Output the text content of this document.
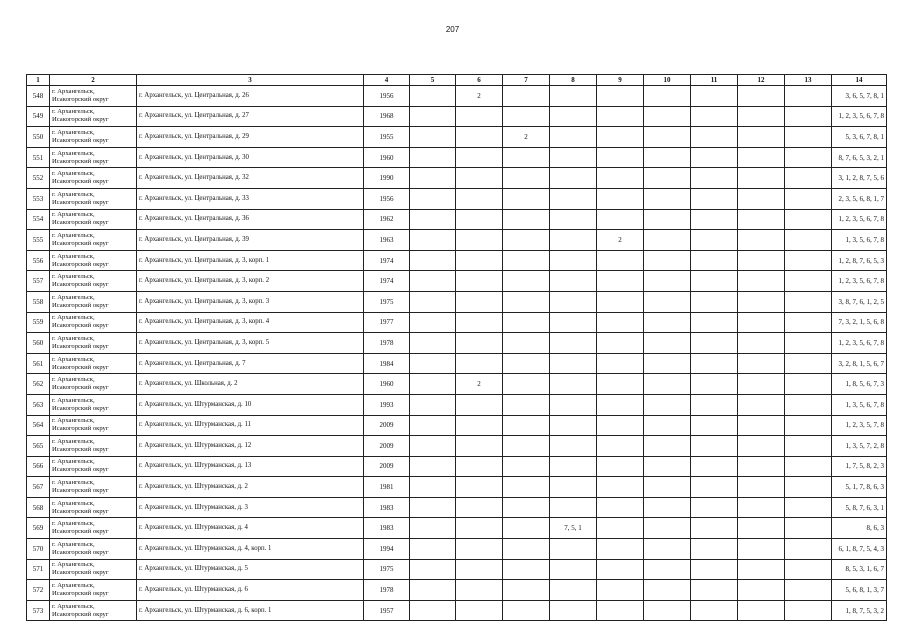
207
1	2	3	4	5	6	7	8	9	10	11	12	13	14
548	г. Архангельск,
Исакогорский округ	г. Архангельск, ул. Центральная, д. 26	1956		2								3, 6, 5, 7, 8, 1
549	г. Архангельск,
Исакогорский округ	г. Архангельск, ул. Центральная, д. 27	1968										1, 2, 3, 5, 6, 7, 8
550	г. Архангельск,
Исакогорский округ	г. Архангельск, ул. Центральная, д. 29	1955			2							5, 3, 6, 7, 8, 1
551	г. Архангельск,
Исакогорский округ	г. Архангельск, ул. Центральная, д. 30	1960										8, 7, 6, 5, 3, 2, 1
552	г. Архангельск,
Исакогорский округ	г. Архангельск, ул. Центральная, д. 32	1990										3, 1, 2, 8, 7, 5, 6
553	г. Архангельск,
Исакогорский округ	г. Архангельск, ул. Центральная, д. 33	1956										2, 3, 5, 6, 8, 1, 7
554	г. Архангельск,
Исакогорский округ	г. Архангельск, ул. Центральная, д. 36	1962										1, 2, 3, 5, 6, 7, 8
555	г. Архангельск,
Исакогорский округ	г. Архангельск, ул. Центральная, д. 39	1963					2					1, 3, 5, 6, 7, 8
556	г. Архангельск,
Исакогорский округ	г. Архангельск, ул. Центральная, д. 3, корп. 1	1974										1, 2, 8, 7, 6, 5, 3
557	г. Архангельск,
Исакогорский округ	г. Архангельск, ул. Центральная, д. 3, корп. 2	1974										1, 2, 3, 5, 6, 7, 8
558	г. Архангельск,
Исакогорский округ	г. Архангельск, ул. Центральная, д. 3, корп. 3	1975										3, 8, 7, 6, 1, 2, 5
559	г. Архангельск,
Исакогорский округ	г. Архангельск, ул. Центральная, д. 3, корп. 4	1977										7, 3, 2, 1, 5, 6, 8
560	г. Архангельск,
Исакогорский округ	г. Архангельск, ул. Центральная, д. 3, корп. 5	1978										1, 2, 3, 5, 6, 7, 8
561	г. Архангельск,
Исакогорский округ	г. Архангельск, ул. Центральная, д. 7	1984										3, 2, 8, 1, 5, 6, 7
562	г. Архангельск,
Исакогорский округ	г. Архангельск, ул. Школьная, д. 2	1960		2								1, 8, 5, 6, 7, 3
563	г. Архангельск,
Исакогорский округ	г. Архангельск, ул. Штурманская, д. 10	1993										1, 3, 5, 6, 7, 8
564	г. Архангельск,
Исакогорский округ	г. Архангельск, ул. Штурманская, д. 11	2009										1, 2, 3, 5, 7, 8
565	г. Архангельск,
Исакогорский округ	г. Архангельск, ул. Штурманская, д. 12	2009										1, 3, 5, 7, 2, 8
566	г. Архангельск,
Исакогорский округ	г. Архангельск, ул. Штурманская, д. 13	2009										1, 7, 5, 8, 2, 3
567	г. Архангельск,
Исакогорский округ	г. Архангельск, ул. Штурманская, д. 2	1981										5, 1, 7, 8, 6, 3
568	г. Архангельск,
Исакогорский округ	г. Архангельск, ул. Штурманская, д. 3	1983										5, 8, 7, 6, 3, 1
569	г. Архангельск,
Исакогорский округ	г. Архангельск, ул. Штурманская, д. 4	1983				7, 5, 1						8, 6, 3
570	г. Архангельск,
Исакогорский округ	г. Архангельск, ул. Штурманская, д. 4, корп. 1	1994										6, 1, 8, 7, 5, 4, 3
571	г. Архангельск,
Исакогорский округ	г. Архангельск, ул. Штурманская, д. 5	1975										8, 5, 3, 1, 6, 7
572	г. Архангельск,
Исакогорский округ	г. Архангельск, ул. Штурманская, д. 6	1978										5, 6, 8, 1, 3, 7
573	г. Архангельск,
Исакогорский округ	г. Архангельск, ул. Штурманская, д. 6, корп. 1	1957										1, 8, 7, 5, 3, 2
